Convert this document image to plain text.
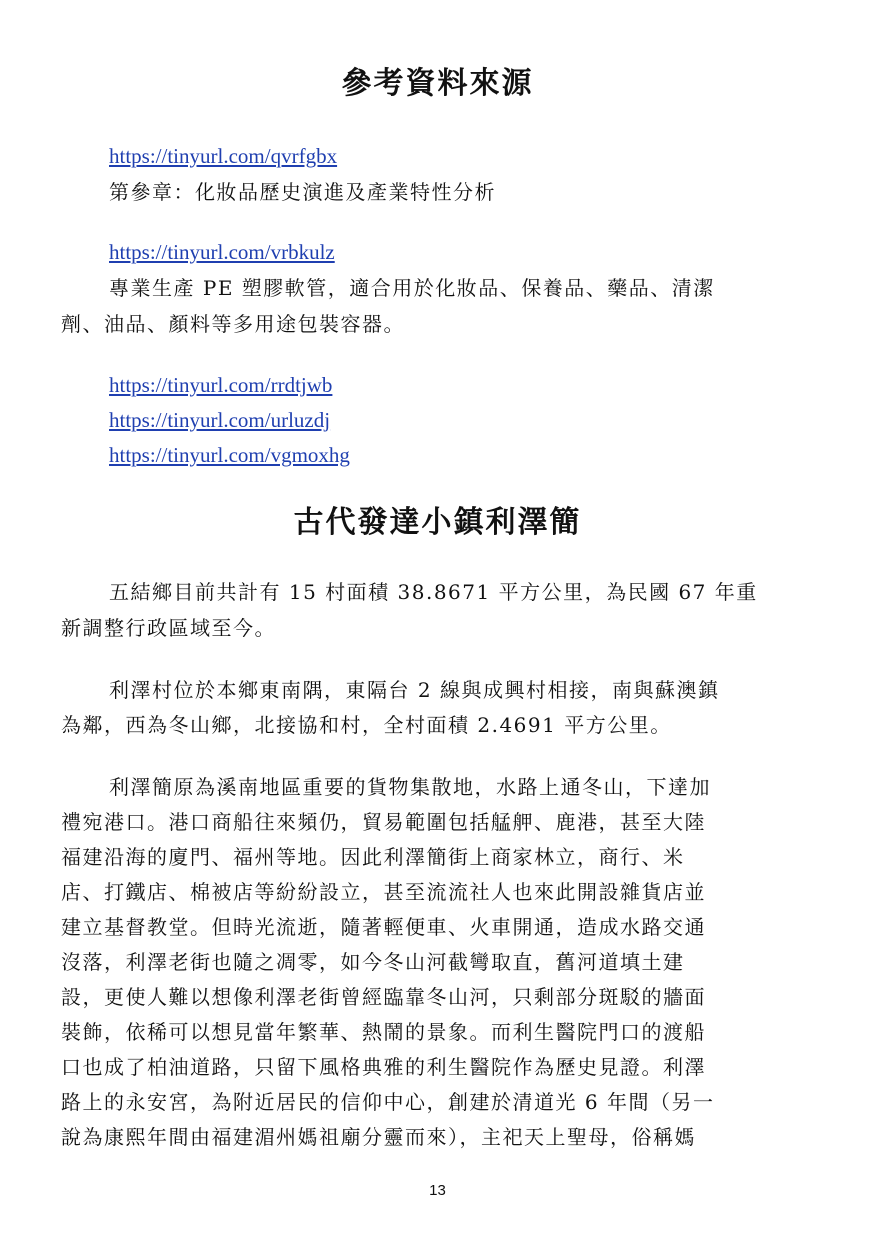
參考資料來源
https://tinyurl.com/qvrfgbx
第參章：化妝品歷史演進及產業特性分析
https://tinyurl.com/vrbkulz
專業生產 PE 塑膠軟管，適合用於化妝品、保養品、藥品、清潔
劑、油品、顏料等多用途包裝容器。
https://tinyurl.com/rrdtjwb
https://tinyurl.com/urluzdj
https://tinyurl.com/vgmoxhg
古代發達小鎮利澤簡
五結鄉目前共計有 15 村面積 38.8671 平方公里，為民國 67 年重
新調整行政區域至今。
利澤村位於本鄉東南隅，東隔台 2 線與成興村相接，南與蘇澳鎮
為鄰，西為冬山鄉，北接協和村，全村面積 2.4691 平方公里。
利澤簡原為溪南地區重要的貨物集散地，水路上通冬山，下達加
禮宛港口。港口商船往來頻仍，貿易範圍包括艋舺、鹿港，甚至大陸
福建沿海的廈門、福州等地。因此利澤簡街上商家林立，商行、米
店、打鐵店、棉被店等紛紛設立，甚至流流社人也來此開設雜貨店並
建立基督教堂。但時光流逝，隨著輕便車、火車開通，造成水路交通
沒落，利澤老街也隨之凋零，如今冬山河截彎取直，舊河道填土建
設，更使人難以想像利澤老街曾經臨靠冬山河，只剩部分斑駁的牆面
裝飾，依稀可以想見當年繁華、熱鬧的景象。而利生醫院門口的渡船
口也成了柏油道路，只留下風格典雅的利生醫院作為歷史見證。利澤
路上的永安宮，為附近居民的信仰中心，創建於清道光 6 年間（另一
說為康熙年間由福建湄州媽祖廟分靈而來），主祀天上聖母，俗稱媽
13
